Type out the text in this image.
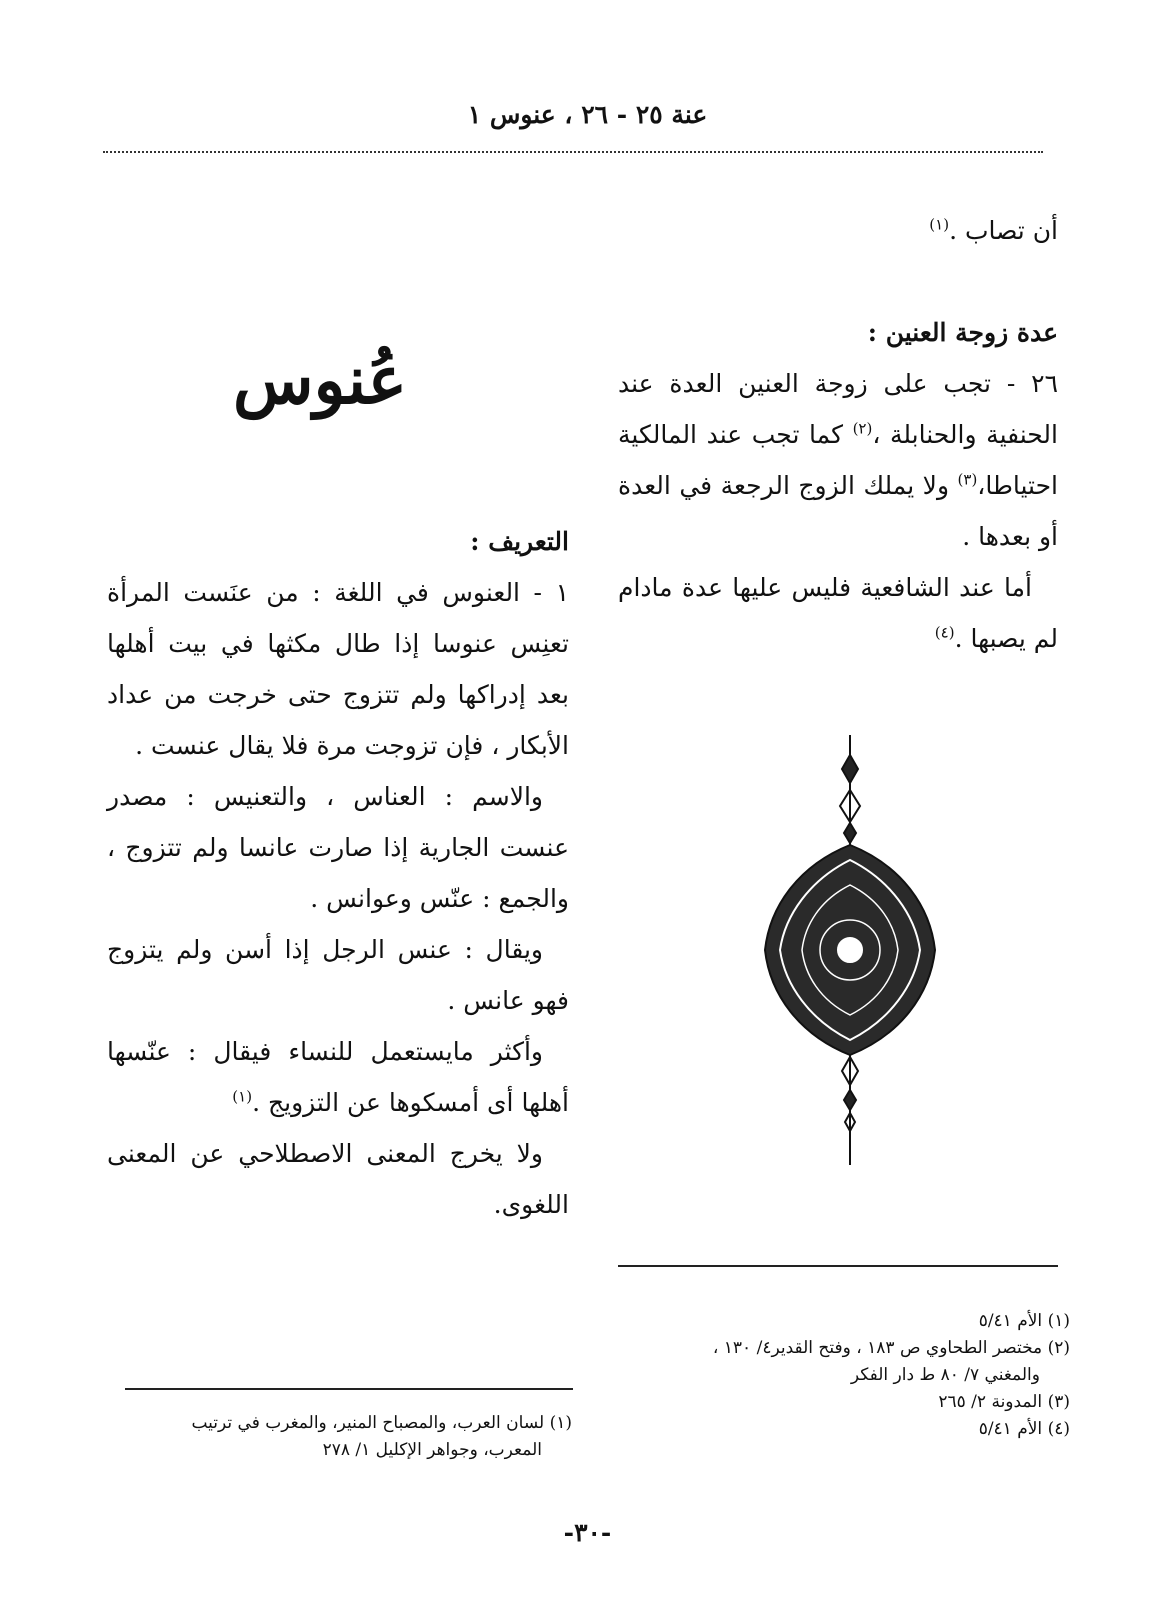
عنة ٢٥ - ٢٦ ، عنوس ١

أن تصاب .$^{(١)}$

عدة زوجة العنين :

٢٦ - تجب على زوجة العنين العدة عند الحنفية والحنابلة ،$^{(٢)}$ كما تجب عند المالكية احتياطا،$^{(٣)}$ ولا يملك الزوج الرجعة في العدة أو بعدها .

أما عند الشافعية فليس عليها عدة مادام لم يصبها .$^{(٤)}$

(١) الأم ٥/٤١
(٢) مختصر الطحاوي ص ١٨٣ ، وفتح القدير٤/ ١٣٠ ،
والمغني ٧/ ٨٠ ط دار الفكر
(٣) المدونة ٢/ ٢٦٥
(٤) الأم ٥/٤١
عُنوس

التعريف :

١ - العنوس في اللغة : من عنَست المرأة تعنِس عنوسا إذا طال مكثها في بيت أهلها بعد إدراكها ولم تتزوج حتى خرجت من عداد الأبكار ، فإن تزوجت مرة فلا يقال عنست .

والاسم : العناس ، والتعنيس : مصدر عنست الجارية إذا صارت عانسا ولم تتزوج ، والجمع : عنّس وعوانس .

ويقال : عنس الرجل إذا أسن ولم يتزوج فهو عانس .

وأكثر مايستعمل للنساء فيقال : عنّسها أهلها أى أمسكوها عن التزويج .$^{(١)}$

ولا يخرج المعنى الاصطلاحي عن المعنى اللغوى.

(١) لسان العرب، والمصباح المنير، والمغرب في ترتيب
المعرب، وجواهر الإكليل ١/ ٢٧٨
-٣٠-
